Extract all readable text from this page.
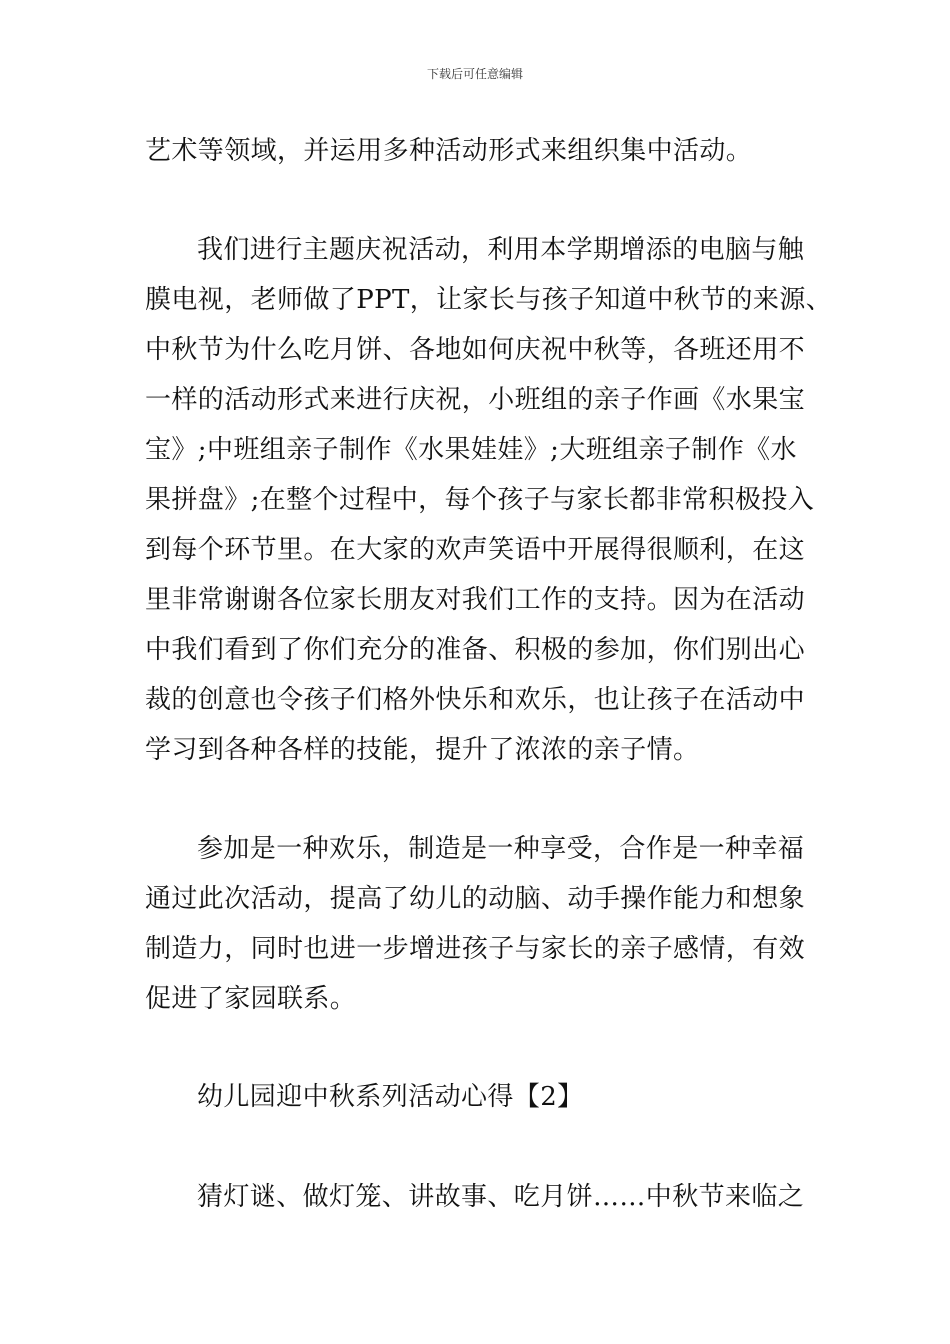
下载后可任意编辑
艺术等领域，并运用多种活动形式来组织集中活动。
我们进行主题庆祝活动，利用本学期增添的电脑与触
膜电视，老师做了PPT，让家长与孩子知道中秋节的来源、
中秋节为什么吃月饼、各地如何庆祝中秋等，各班还用不
一样的活动形式来进行庆祝，小班组的亲子作画《水果宝
宝》;中班组亲子制作《水果娃娃》;大班组亲子制作《水
果拼盘》;在整个过程中，每个孩子与家长都非常积极投入
到每个环节里。在大家的欢声笑语中开展得很顺利，在这
里非常谢谢各位家长朋友对我们工作的支持。因为在活动
中我们看到了你们充分的准备、积极的参加，你们别出心
裁的创意也令孩子们格外快乐和欢乐，也让孩子在活动中
学习到各种各样的技能，提升了浓浓的亲子情。
参加是一种欢乐，制造是一种享受，合作是一种幸福
通过此次活动，提高了幼儿的动脑、动手操作能力和想象
制造力，同时也进一步增进孩子与家长的亲子感情，有效
促进了家园联系。
幼儿园迎中秋系列活动心得【2】
猜灯谜、做灯笼、讲故事、吃月饼……中秋节来临之
